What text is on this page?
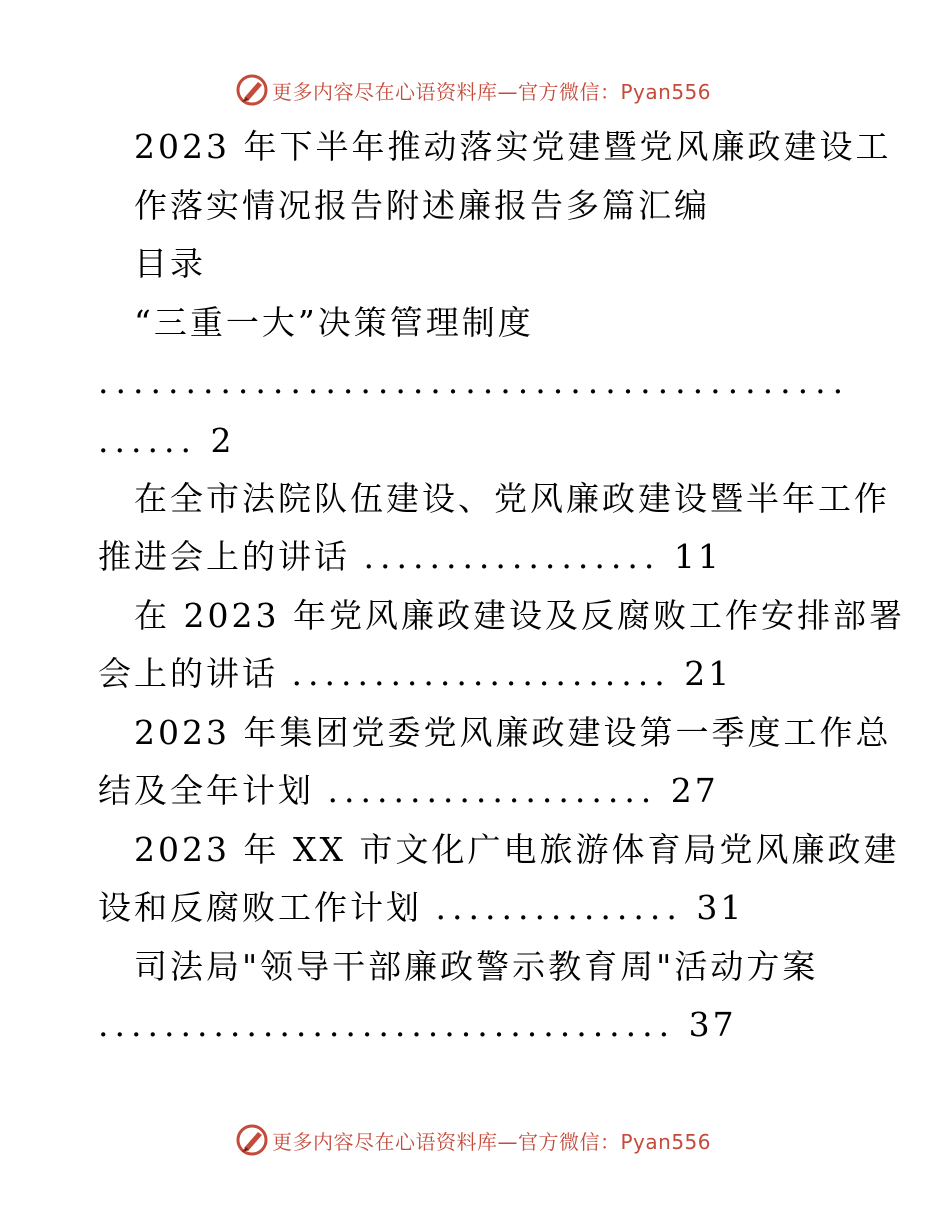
更多内容尽在心语资料库—官方微信：Pyan556
2023 年下半年推动落实党建暨党风廉政建设工
作落实情况报告附述廉报告多篇汇编
目录
“三重一大”决策管理制度
...........................................
...... 2
在全市法院队伍建设、党风廉政建设暨半年工作
推进会上的讲话 .................. 11
在 2023 年党风廉政建设及反腐败工作安排部署
会上的讲话 ....................... 21
2023 年集团党委党风廉政建设第一季度工作总
结及全年计划 .................... 27
2023 年 XX 市文化广电旅游体育局党风廉政建
设和反腐败工作计划 ............... 31
司法局"领导干部廉政警示教育周"活动方案
................................... 37
更多内容尽在心语资料库—官方微信：Pyan556
